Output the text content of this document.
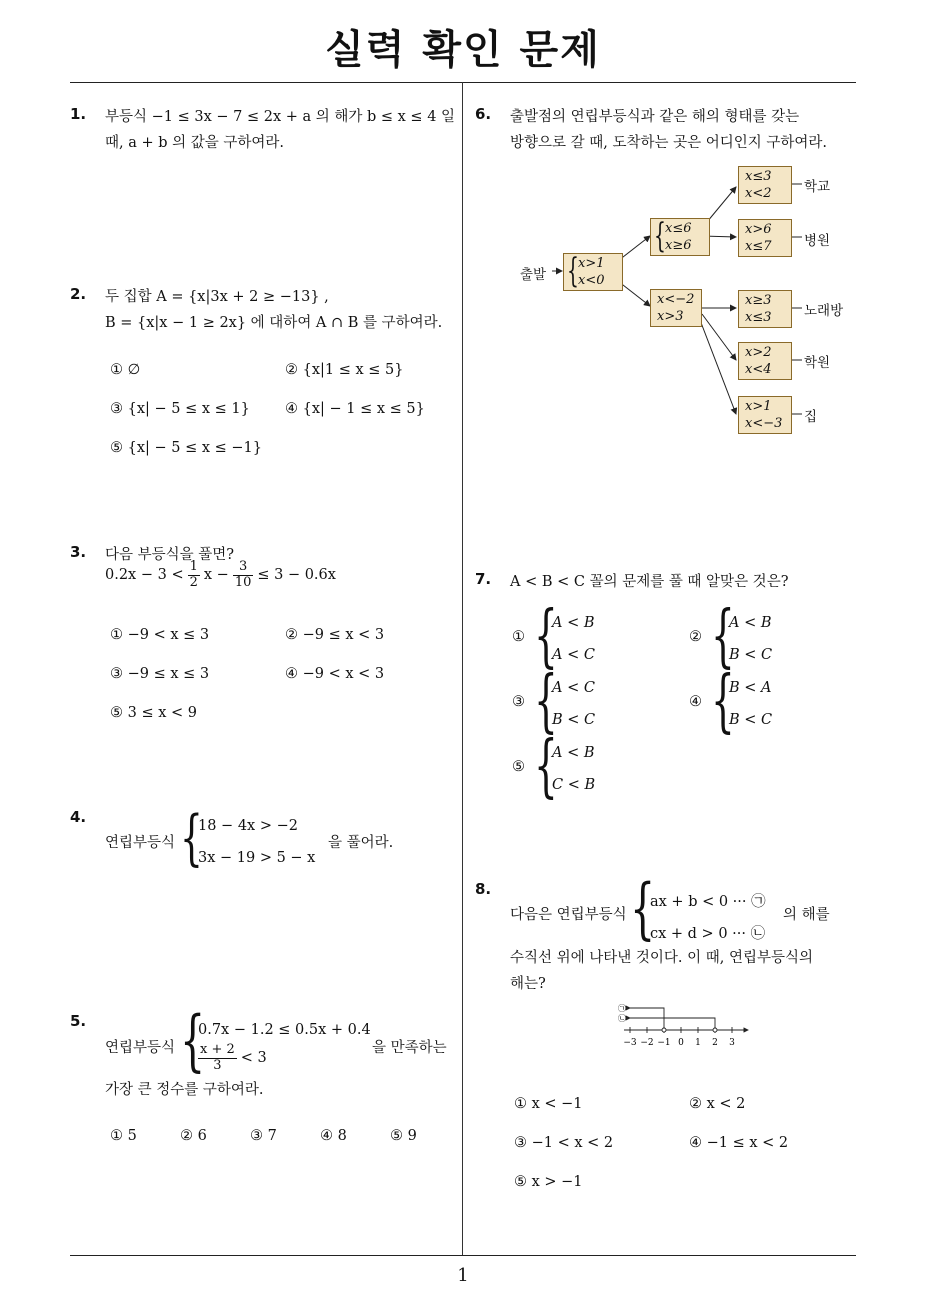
실력 확인 문제
1
1. 부등식 −1 ≤ 3x − 7 ≤ 2x + a 의 해가 b ≤ x ≤ 4 일
때, a + b 의 값을 구하여라.
2. 두 집합 A = {x|3x + 2 ≥ −13} ,
B = {x|x − 1 ≥ 2x} 에 대하여 A ∩ B 를 구하여라.
① ∅	② {x|1 ≤ x ≤ 5}
③ {x| − 5 ≤ x ≤ 1} ④ {x| − 1 ≤ x ≤ 5}
⑤ {x| − 5 ≤ x ≤ −1}
3. 다음 부등식을 풀면?
$0.2x - 3 < \frac{1}{2}$ $x - \frac{3}{10} \le 3 - 0.6x$
① −9 < x ≤ 3	② −9 ≤ x < 3
③ −9 ≤ x ≤ 3	④ −9 < x < 3
⑤ 3 ≤ x < 9
4.
연립부등식 {
18 − 4x > −2
3x − 19 > 5 − x
을 풀어라.
5.
연립부등식 {
0.7x − 1.2 ≤ 0.5x + 0.4
$\frac{x + 2}{3} < 3$
을 만족하는
가장 큰 정수를 구하여라.
① 5	② 6	③ 7	④ 8	⑤ 9
6. 출발점의 연립부등식과 같은 해의 형태를 갖는
방향으로 갈 때, 도착하는 곳은 어디인지 구하여라.
출발 { x>1
x<0
{ x≤6
x≥6
x<−2
x>3
x≤3
x<2	학교
x>6
x≤7	병원
x≥3
x≤3	노래방
x>2
x<4	학원
x>1
x<−3 집
7. A < B < C 꼴의 문제를 풀 때 알맞은 것은?
① {
A < B
A < C
② {
A < B
B < C
③ {
A < C
B < C
④ {
B < A
B < C
⑤ {
A < B
C < B
8.
다음은 연립부등식 {
ax + b < 0 ··· ㉠
cx + d > 0 ··· ㉡
의 해를
수직선 위에 나타낸 것이다. 이 때, 연립부등식의
해는?
㉠
㉡
−3 −2 −1 0 1 2 3
① x < −1	② x < 2
③ −1 < x < 2	④ −1 ≤ x < 2
⑤ x > −1
